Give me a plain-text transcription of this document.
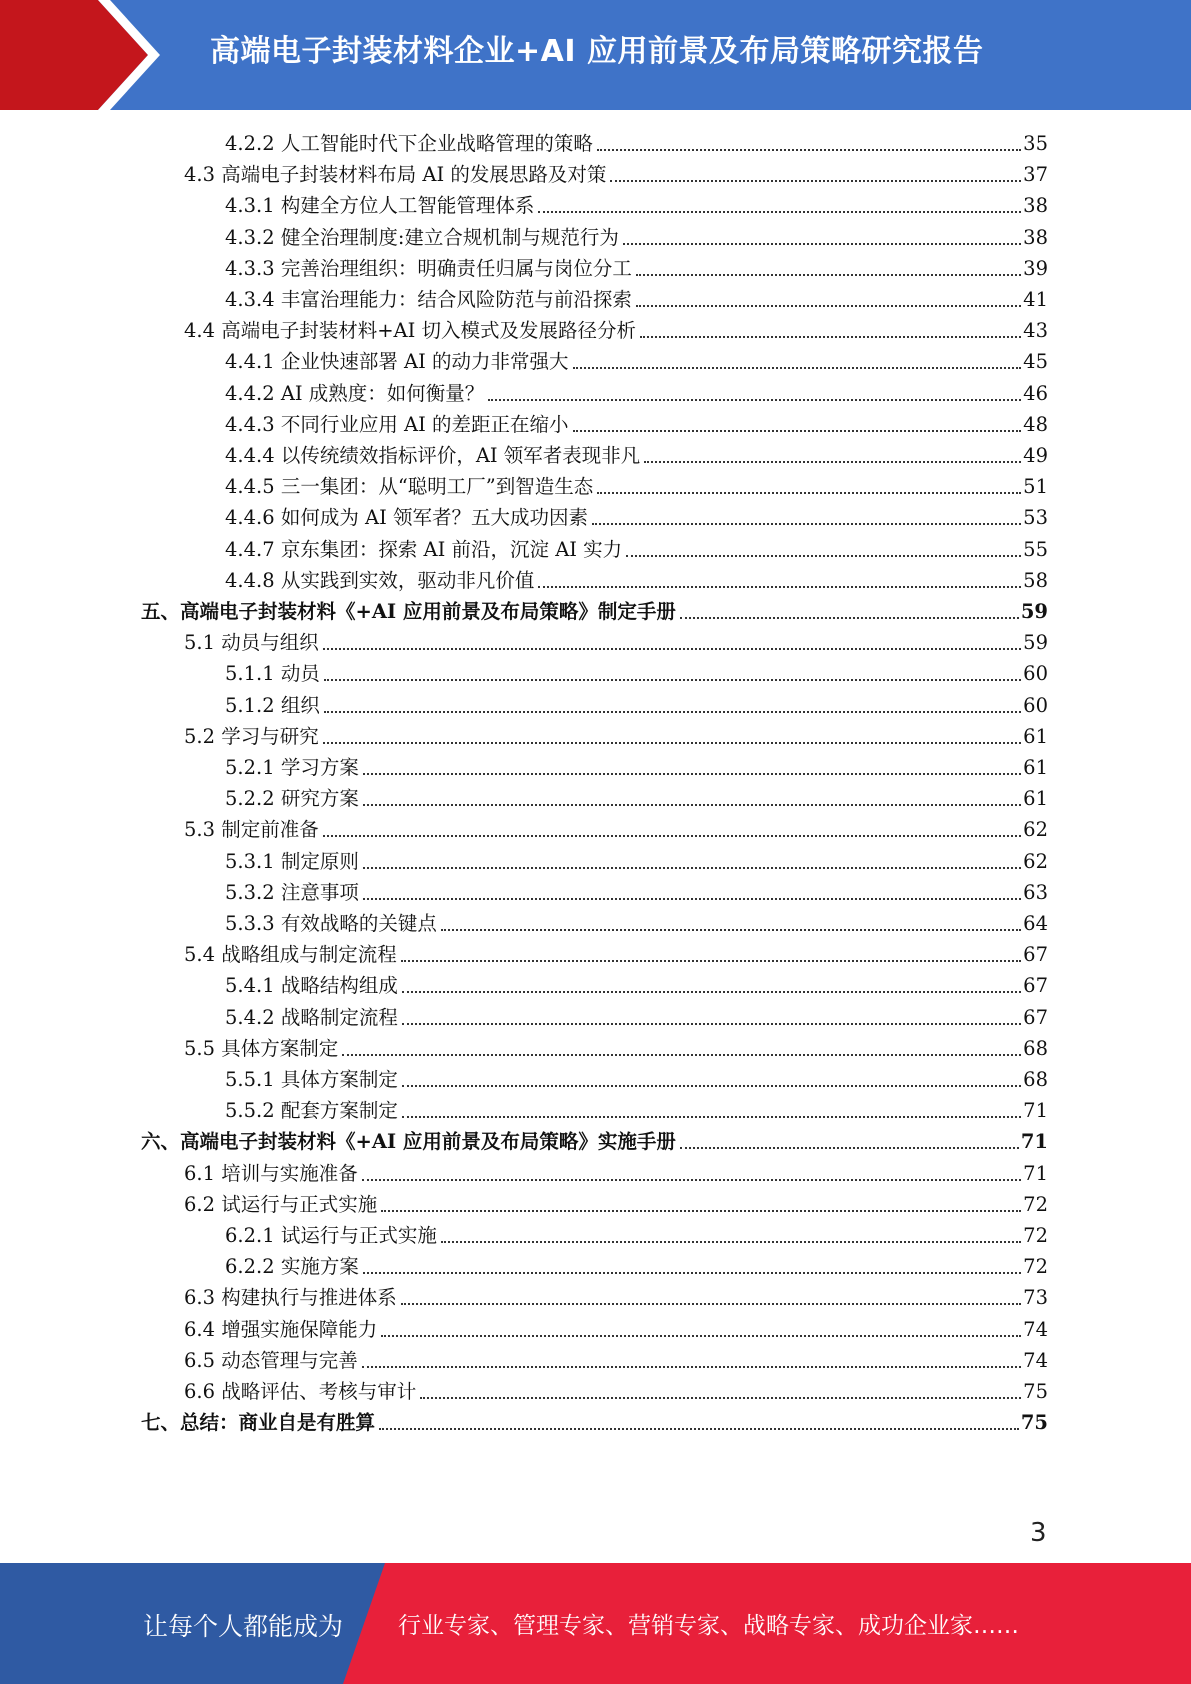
高端电子封装材料企业+AI 应用前景及布局策略研究报告
4.2.2 人工智能时代下企业战略管理的策略	35
4.3 高端电子封装材料布局 AI 的发展思路及对策	37
4.3.1 构建全方位人工智能管理体系	38
4.3.2 健全治理制度:建立合规机制与规范行为	38
4.3.3 完善治理组织：明确责任归属与岗位分工	39
4.3.4 丰富治理能力：结合风险防范与前沿探索	41
4.4 高端电子封装材料+AI 切入模式及发展路径分析	43
4.4.1 企业快速部署 AI 的动力非常强大	45
4.4.2 AI 成熟度：如何衡量？	46
4.4.3 不同行业应用 AI 的差距正在缩小	48
4.4.4 以传统绩效指标评价，AI 领军者表现非凡	49
4.4.5 三一集团：从“聪明工厂”到智造生态	51
4.4.6 如何成为 AI 领军者？五大成功因素	53
4.4.7 京东集团：探索 AI 前沿，沉淀 AI 实力	55
4.4.8 从实践到实效，驱动非凡价值	58
五、高端电子封装材料《+AI 应用前景及布局策略》制定手册	59
5.1 动员与组织	59
5.1.1 动员	60
5.1.2 组织	60
5.2 学习与研究	61
5.2.1 学习方案	61
5.2.2 研究方案	61
5.3 制定前准备	62
5.3.1 制定原则	62
5.3.2 注意事项	63
5.3.3 有效战略的关键点	64
5.4 战略组成与制定流程	67
5.4.1 战略结构组成	67
5.4.2 战略制定流程	67
5.5 具体方案制定	68
5.5.1 具体方案制定	68
5.5.2 配套方案制定	71
六、高端电子封装材料《+AI 应用前景及布局策略》实施手册	71
6.1 培训与实施准备	71
6.2 试运行与正式实施	72
6.2.1 试运行与正式实施	72
6.2.2 实施方案	72
6.3 构建执行与推进体系	73
6.4 增强实施保障能力	74
6.5 动态管理与完善	74
6.6 战略评估、考核与审计	75
七、总结：商业自是有胜算	75
3
让每个人都能成为 行业专家、管理专家、营销专家、战略专家、成功企业家……
